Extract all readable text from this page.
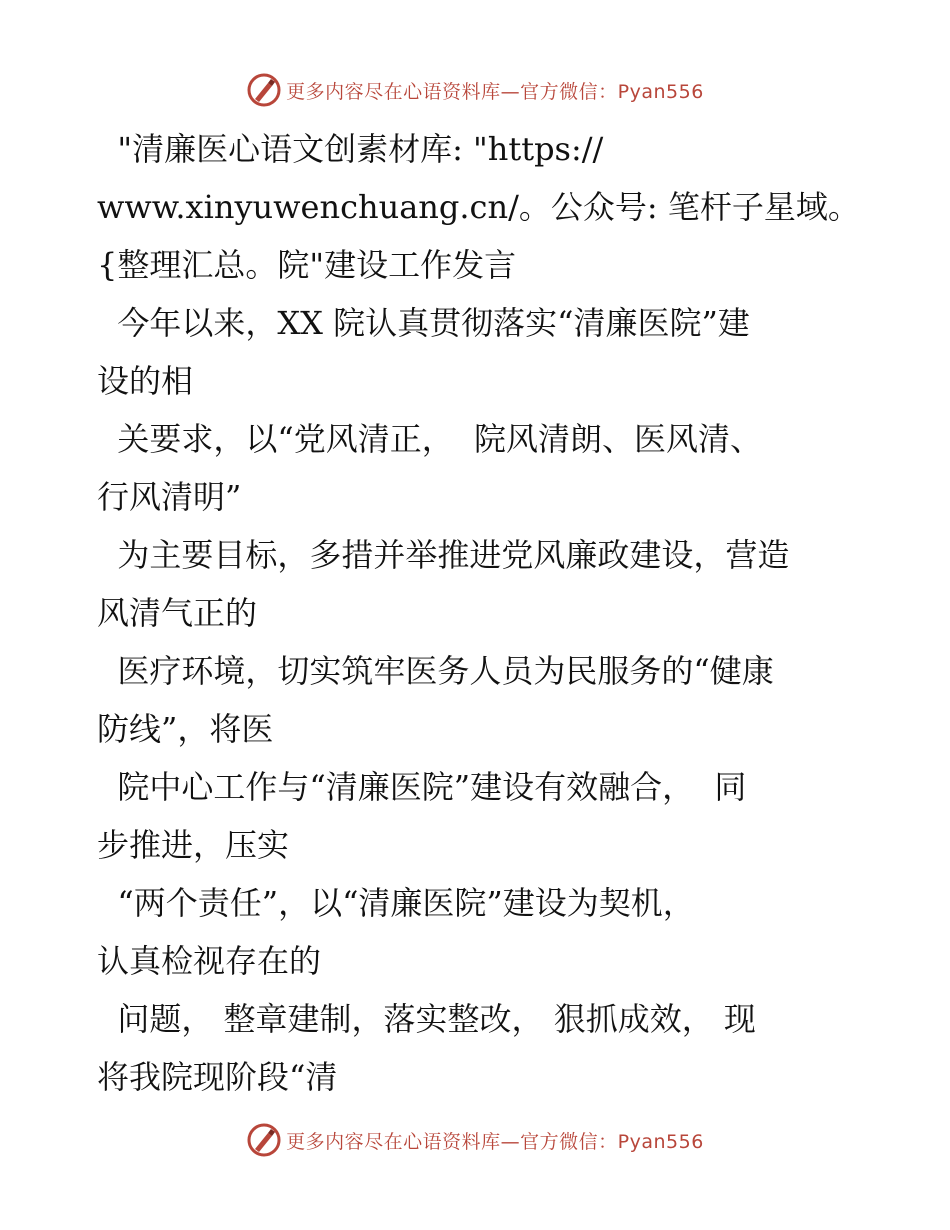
更多内容尽在心语资料库—官方微信：Pyan556
"清廉医心语文创素材库: "https://
www.xinyuwenchuang.cn/。公众号: 笔杆子星域。
{整理汇总。院"建设工作发言
今年以来，XX 院认真贯彻落实“清廉医院”建
设的相
关要求，以“党风清正，  院风清朗、医风清、
行风清明”
为主要目标，多措并举推进党风廉政建设，营造
风清气正的
医疗环境，切实筑牢医务人员为民服务的“健康
防线”，将医
院中心工作与“清廉医院”建设有效融合，  同
步推进，压实
“两个责任”，以“清廉医院”建设为契机，
认真检视存在的
问题， 整章建制，落实整改， 狠抓成效， 现
将我院现阶段“清
更多内容尽在心语资料库—官方微信：Pyan556
